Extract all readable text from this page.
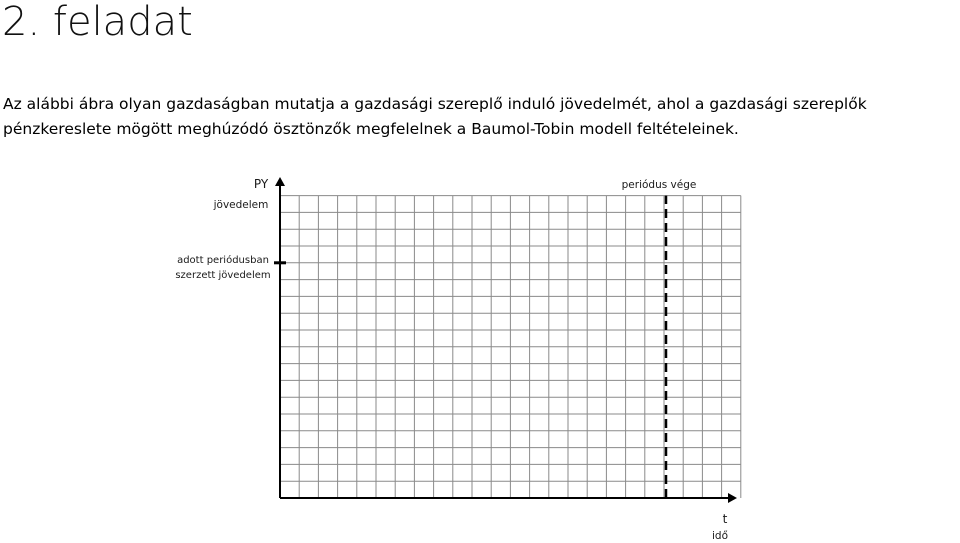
2. feladat

Az alábbi ábra olyan gazdaságban mutatja a gazdasági szereplő induló jövedelmét, ahol a gazdasági szereplők
pénzkereslete mögött meghúzódó ösztönzők megfelelnek a Baumol-Tobin modell feltételeinek.

PY
jövedelem
adott periódusban
szerzett jövedelem
periódus vége
t
idő
